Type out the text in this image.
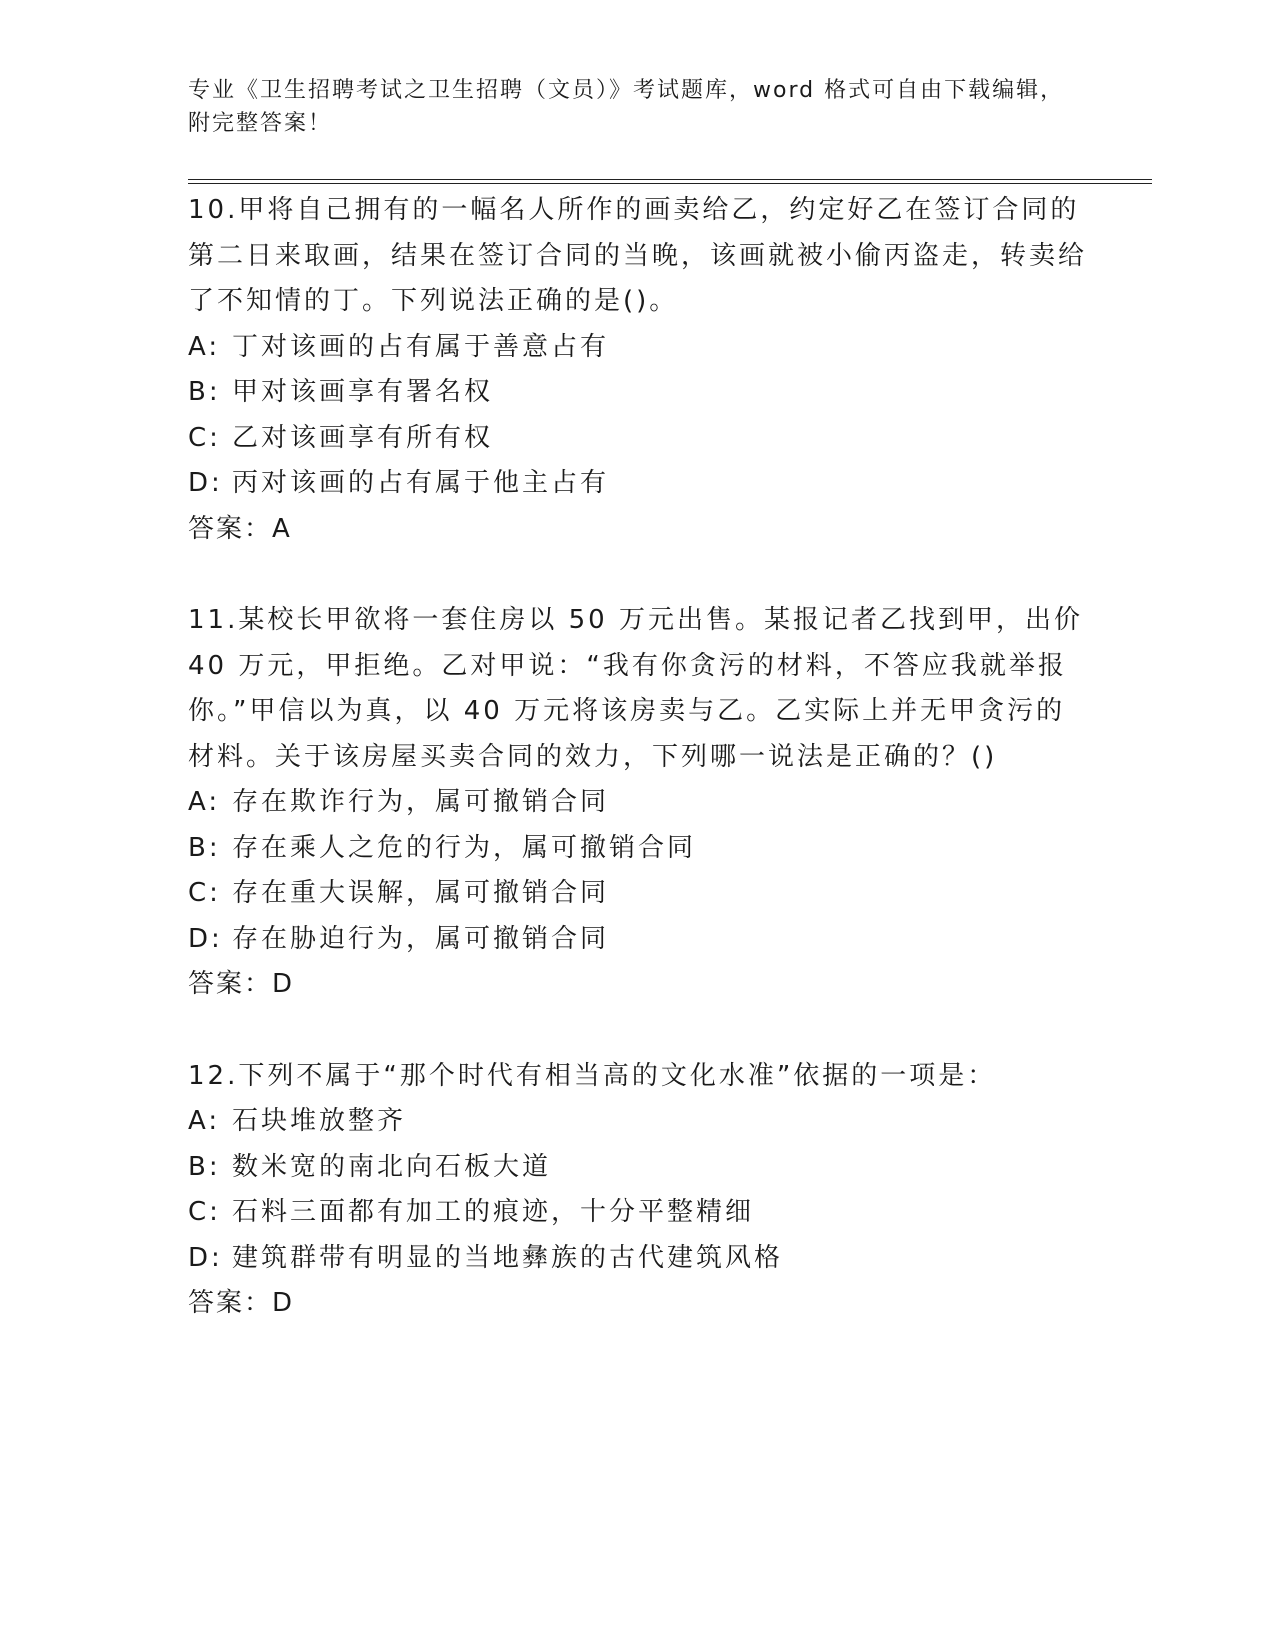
专业《卫生招聘考试之卫生招聘（文员）》考试题库，word 格式可自由下载编辑，附完整答案！

10.甲将自己拥有的一幅名人所作的画卖给乙，约定好乙在签订合同的第二日来取画，结果在签订合同的当晚，该画就被小偷丙盗走，转卖给了不知情的丁。下列说法正确的是()。

A: 丁对该画的占有属于善意占有

B: 甲对该画享有署名权

C: 乙对该画享有所有权

D: 丙对该画的占有属于他主占有

答案：A

11.某校长甲欲将一套住房以 50 万元出售。某报记者乙找到甲，出价 40 万元，甲拒绝。乙对甲说：“我有你贪污的材料，不答应我就举报你。”甲信以为真，以 40 万元将该房卖与乙。乙实际上并无甲贪污的材料。关于该房屋买卖合同的效力，下列哪一说法是正确的？()

A: 存在欺诈行为，属可撤销合同

B: 存在乘人之危的行为，属可撤销合同

C: 存在重大误解，属可撤销合同

D: 存在胁迫行为，属可撤销合同

答案：D

12.下列不属于“那个时代有相当高的文化水准”依据的一项是：

A: 石块堆放整齐

B: 数米宽的南北向石板大道

C: 石料三面都有加工的痕迹，十分平整精细

D: 建筑群带有明显的当地彝族的古代建筑风格

答案：D
